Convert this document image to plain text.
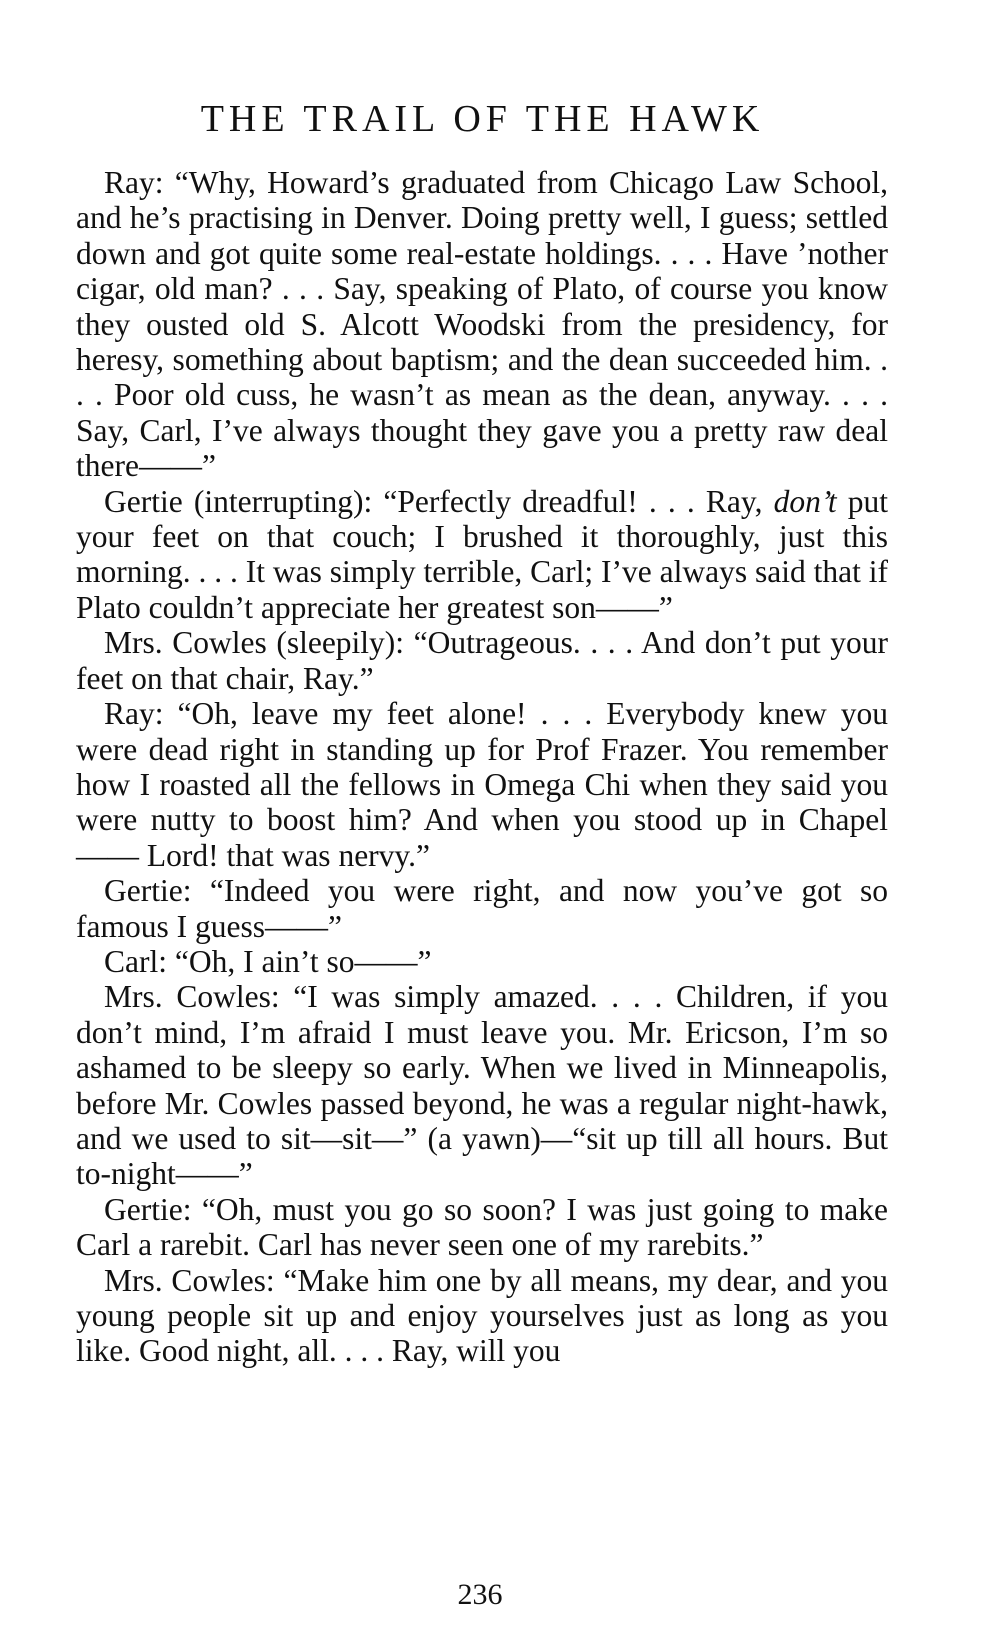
THE TRAIL OF THE HAWK

Ray: “Why, Howard’s graduated from Chicago Law School, and he’s practising in Denver. Doing pretty well, I guess; settled down and got quite some real-estate holdings. . . . Have ’nother cigar, old man? . . . Say, speaking of Plato, of course you know they ousted old S. Alcott Woodski from the presidency, for heresy, something about baptism; and the dean succeeded him. . . . Poor old cuss, he wasn’t as mean as the dean, anyway. . . . Say, Carl, I’ve always thought they gave you a pretty raw deal there——”

Gertie (interrupting): “Perfectly dreadful! . . . Ray, don’t put your feet on that couch; I brushed it thoroughly, just this morning. . . . It was simply terrible, Carl; I’ve always said that if Plato couldn’t appreciate her greatest son——”

Mrs. Cowles (sleepily): “Outrageous. . . . And don’t put your feet on that chair, Ray.”

Ray: “Oh, leave my feet alone! . . . Everybody knew you were dead right in standing up for Prof Frazer. You remember how I roasted all the fellows in Omega Chi when they said you were nutty to boost him? And when you stood up in Chapel—— Lord! that was nervy.”

Gertie: “Indeed you were right, and now you’ve got so famous I guess——”

Carl: “Oh, I ain’t so——”

Mrs. Cowles: “I was simply amazed. . . . Children, if you don’t mind, I’m afraid I must leave you. Mr. Ericson, I’m so ashamed to be sleepy so early. When we lived in Minneapolis, before Mr. Cowles passed beyond, he was a regular night-hawk, and we used to sit—sit—” (a yawn)—“sit up till all hours. But to-night——”

Gertie: “Oh, must you go so soon? I was just going to make Carl a rarebit. Carl has never seen one of my rarebits.”

Mrs. Cowles: “Make him one by all means, my dear, and you young people sit up and enjoy yourselves just as long as you like. Good night, all. . . . Ray, will you

236
